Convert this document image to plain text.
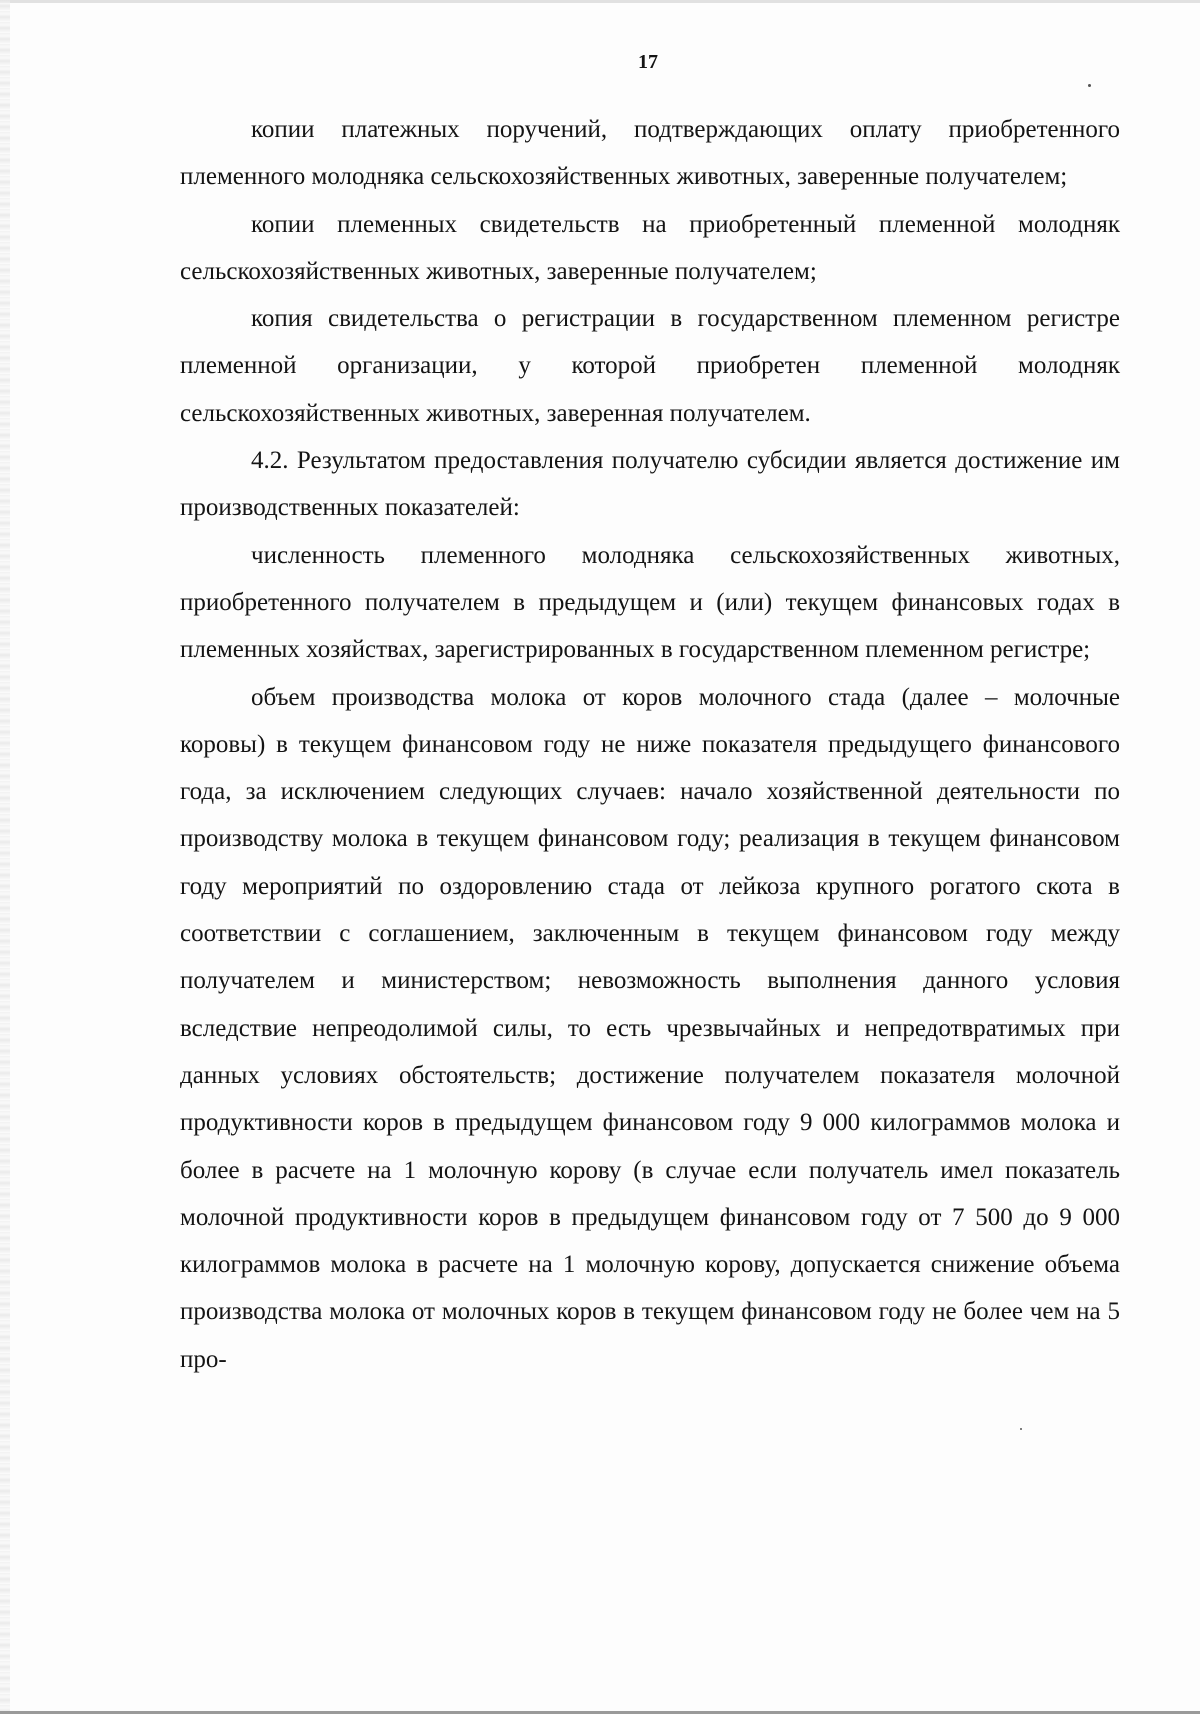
17

копии платежных поручений, подтверждающих оплату приобретенного племенного молодняка сельскохозяйственных животных, заверенные получателем;

копии племенных свидетельств на приобретенный племенной молодняк сельскохозяйственных животных, заверенные получателем;

копия свидетельства о регистрации в государственном племенном регистре племенной организации, у которой приобретен племенной молодняк сельскохозяйственных животных, заверенная получателем.

4.2. Результатом предоставления получателю субсидии является достижение им производственных показателей:

численность племенного молодняка сельскохозяйственных животных, приобретенного получателем в предыдущем и (или) текущем финансовых годах в племенных хозяйствах, зарегистрированных в государственном племенном регистре;

объем производства молока от коров молочного стада (далее – молочные коровы) в текущем финансовом году не ниже показателя предыдущего финансового года, за исключением следующих случаев: начало хозяйственной деятельности по производству молока в текущем финансовом году; реализация в текущем финансовом году мероприятий по оздоровлению стада от лейкоза крупного рогатого скота в соответствии с соглашением, заключенным в текущем финансовом году между получателем и министерством; невозможность выполнения данного условия вследствие непреодолимой силы, то есть чрезвычайных и непредотвратимых при данных условиях обстоятельств; достижение получателем показателя молочной продуктивности коров в предыдущем финансовом году 9 000 килограммов молока и более в расчете на 1 молочную корову (в случае если получатель имел показатель молочной продуктивности коров в предыдущем финансовом году от 7 500 до 9 000 килограммов молока в расчете на 1 молочную корову, допускается снижение объема производства молока от молочных коров в текущем финансовом году не более чем на 5 про-
